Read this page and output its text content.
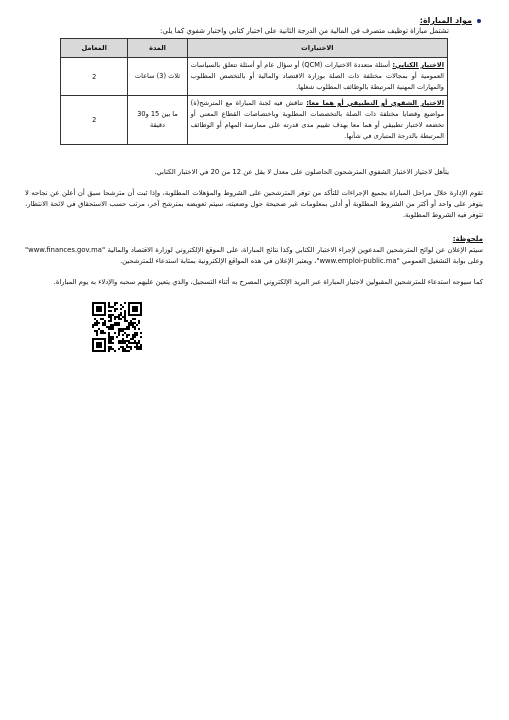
مواد المباراة:
تشتمل مباراة توظيف متصرف في المالية من الدرجة الثانية على اختبار كتابي واختبار شفوي كما يلي:
الاختبارات	المدة	المعامل
الاختبار الكتابي: أسئلة متعددة الاختيارات (QCM) أو سؤال عام أو أسئلة تتعلق بالسياسات العمومية أو بمجالات مختلفة ذات الصلة بوزارة الاقتصاد والمالية أو بالتخصص المطلوب والمهارات المهنية المرتبطة بالوظائف المطلوب شغلها.	ثلاث (3) ساعات	2
الاختبار الشفوي أو التطبيقي أو هما معا: تناقش فيه لجنة المباراة مع المترشح(ة) مواضيع وقضايا مختلفة ذات الصلة بالتخصصات المطلوبة وباختصاصات القطاع المعني أو تخضعه لاختبار تطبيقي أو هما معا بهدف تقييم مدى قدرته على ممارسة المهام أو الوظائف المرتبطة بالدرجة المتبارى في شأنها.	ما بين 15 و30 دقيقة	2
يتأهل لاجتياز الاختبار الشفوي المترشحون الحاصلون على معدل لا يقل عن 12 من 20 في الاختبار الكتابي.
تقوم الإدارة خلال مراحل المباراة بجميع الإجراءات للتأكد من توفر المترشحين على الشروط والمؤهلات المطلوبة، وإذا ثبت أن مترشحا سبق أن أعلن عن نجاحه لا يتوفر على واحد أو أكثر من الشروط المطلوبة أو أدلى بمعلومات غير صحيحة حول وضعيته، سيتم تعويضه بمترشح آخر، مرتب حسب الاستحقاق في لائحة الانتظار، تتوفر فيه الشروط المطلوبة.
ملحوظة:
سيتم الإعلان عن لوائح المترشحين المدعوين لإجراء الاختبار الكتابي وكذا نتائج المباراة، على الموقع الإلكتروني لوزارة الاقتصاد والمالية "www.finances.gov.ma" وعلى بوابة التشغيل العمومي "www.emploi-public.ma"، ويعتبر الإعلان في هذه المواقع الإلكترونية بمثابة استدعاء للمترشحين.
كما سيوجه استدعاء للمترشحين المقبولين لاجتياز المباراة عبر البريد الإلكتروني المصرح به أثناء التسجيل، والذي يتعين عليهم سحبه والإدلاء به يوم المباراة.
